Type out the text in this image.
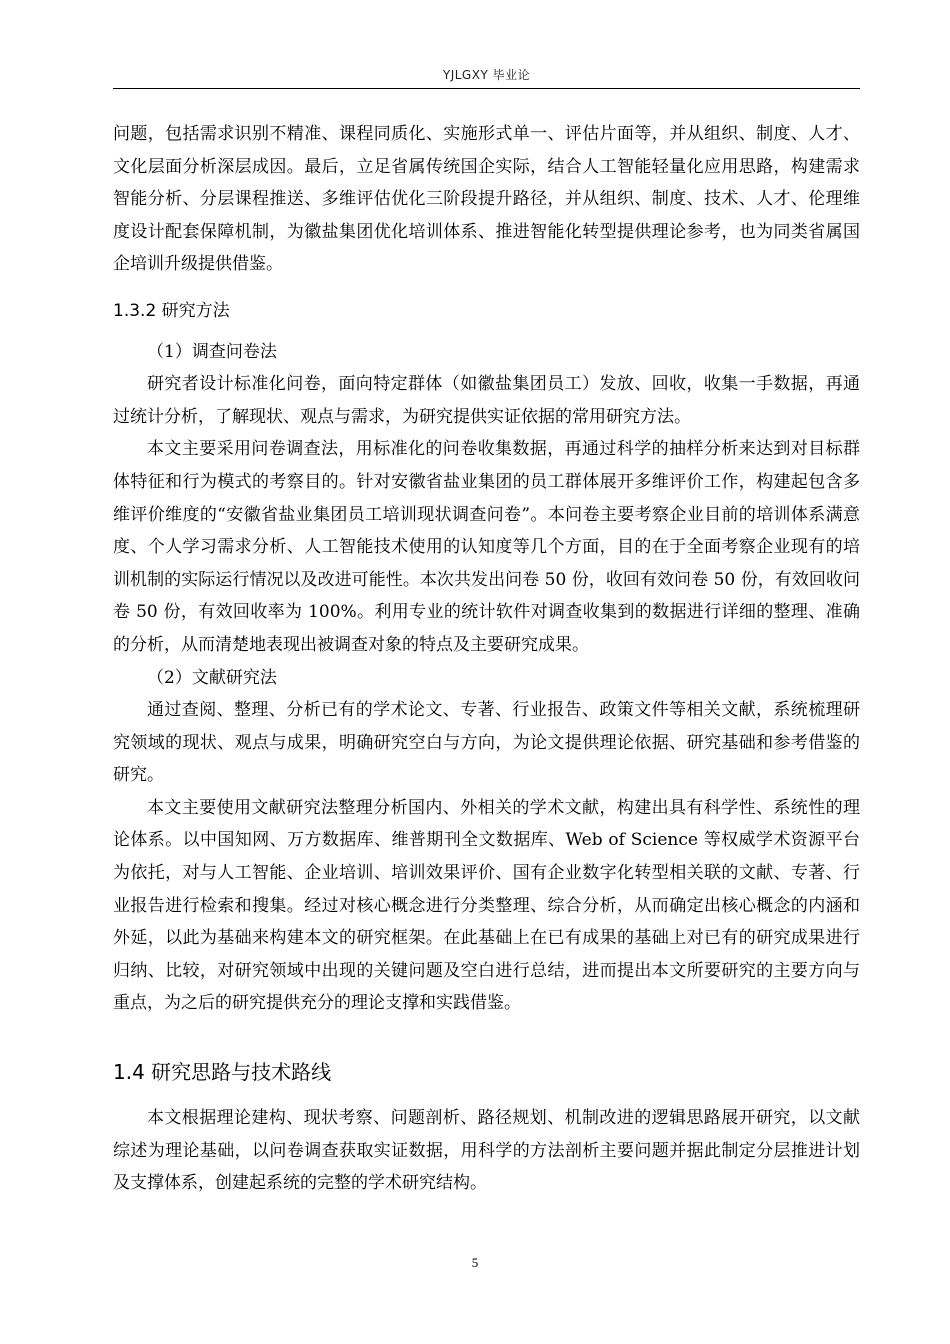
YJLGXY 毕业论

问题，包括需求识别不精准、课程同质化、实施形式单一、评估片面等，并从组织、制度、人才、文化层面分析深层成因。最后，立足省属传统国企实际，结合人工智能轻量化应用思路，构建需求智能分析、分层课程推送、多维评估优化三阶段提升路径，并从组织、制度、技术、人才、伦理维度设计配套保障机制，为徽盐集团优化培训体系、推进智能化转型提供理论参考，也为同类省属国企培训升级提供借鉴。

1.3.2 研究方法

（1）调查问卷法

研究者设计标准化问卷，面向特定群体（如徽盐集团员工）发放、回收，收集一手数据，再通过统计分析，了解现状、观点与需求，为研究提供实证依据的常用研究方法。

本文主要采用问卷调查法，用标准化的问卷收集数据，再通过科学的抽样分析来达到对目标群体特征和行为模式的考察目的。针对安徽省盐业集团的员工群体展开多维评价工作，构建起包含多维评价维度的“安徽省盐业集团员工培训现状调查问卷”。本问卷主要考察企业目前的培训体系满意度、个人学习需求分析、人工智能技术使用的认知度等几个方面，目的在于全面考察企业现有的培训机制的实际运行情况以及改进可能性。本次共发出问卷 50 份，收回有效问卷 50 份，有效回收问卷 50 份，有效回收率为 100%。利用专业的统计软件对调查收集到的数据进行详细的整理、准确的分析，从而清楚地表现出被调查对象的特点及主要研究成果。

（2）文献研究法

通过查阅、整理、分析已有的学术论文、专著、行业报告、政策文件等相关文献，系统梳理研究领域的现状、观点与成果，明确研究空白与方向，为论文提供理论依据、研究基础和参考借鉴的研究。

本文主要使用文献研究法整理分析国内、外相关的学术文献，构建出具有科学性、系统性的理论体系。以中国知网、万方数据库、维普期刊全文数据库、Web of Science 等权威学术资源平台为依托，对与人工智能、企业培训、培训效果评价、国有企业数字化转型相关联的文献、专著、行业报告进行检索和搜集。经过对核心概念进行分类整理、综合分析，从而确定出核心概念的内涵和外延，以此为基础来构建本文的研究框架。在此基础上在已有成果的基础上对已有的研究成果进行归纳、比较，对研究领域中出现的关键问题及空白进行总结，进而提出本文所要研究的主要方向与重点，为之后的研究提供充分的理论支撑和实践借鉴。

1.4 研究思路与技术路线

本文根据理论建构、现状考察、问题剖析、路径规划、机制改进的逻辑思路展开研究，以文献综述为理论基础，以问卷调查获取实证数据，用科学的方法剖析主要问题并据此制定分层推进计划及支撑体系，创建起系统的完整的学术研究结构。

5
